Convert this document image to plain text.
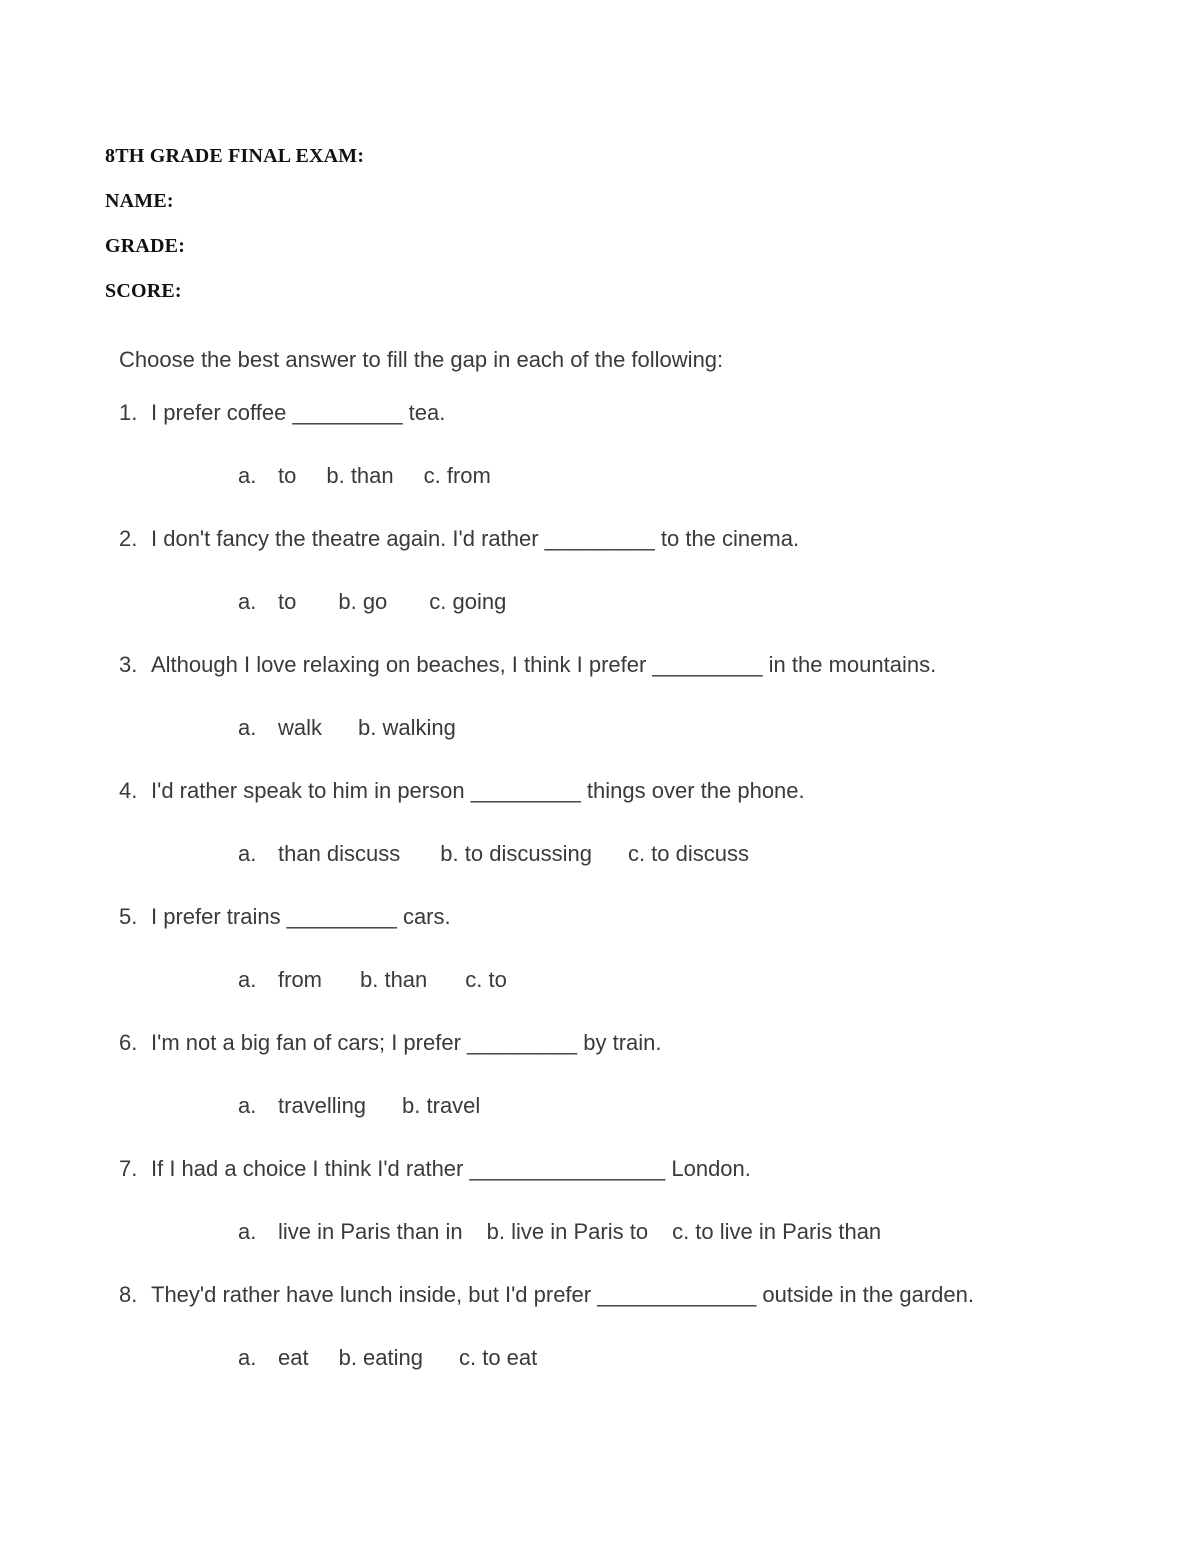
8TH GRADE FINAL EXAM:
NAME:
GRADE:
SCORE:
Choose the best answer to fill the gap in each of the following:
1. I prefer coffee _________ tea.
a. to b. than c. from
2. I don't fancy the theatre again. I'd rather _________ to the cinema.
a. to b. go c. going
3. Although I love relaxing on beaches, I think I prefer _________ in the mountains.
a. walk b. walking
4. I'd rather speak to him in person _________ things over the phone.
a. than discuss b. to discussing c. to discuss
5. I prefer trains _________ cars.
a. from b. than c. to
6. I'm not a big fan of cars; I prefer _________ by train.
a. travelling b. travel
7. If I had a choice I think I'd rather ________________ London.
a. live in Paris than in b. live in Paris to c. to live in Paris than
8. They'd rather have lunch inside, but I'd prefer _____________ outside in the garden.
a. eat b. eating c. to eat
